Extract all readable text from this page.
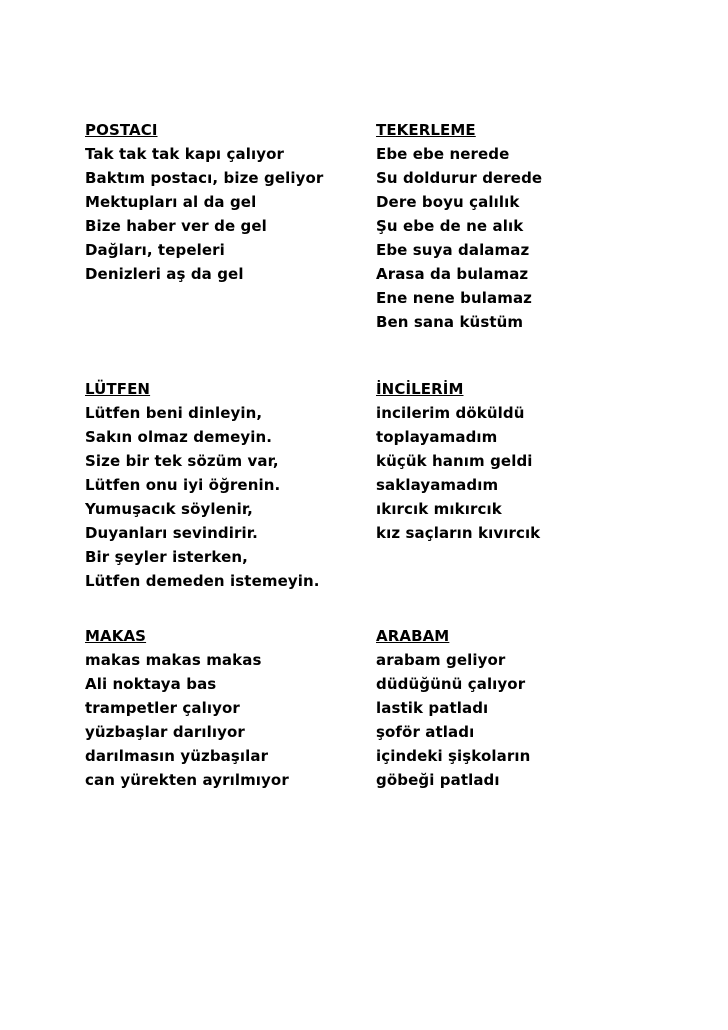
POSTACI
Tak tak tak kapı çalıyor
Baktım postacı, bize geliyor
Mektupları al da gel
Bize haber ver de gel
Dağları, tepeleri
Denizleri aş da gel
TEKERLEME
Ebe ebe nerede
Su doldurur derede
Dere boyu çalılık
Şu ebe de ne alık
Ebe suya dalamaz
Arasa da bulamaz
Ene nene bulamaz
Ben sana küstüm
LÜTFEN
Lütfen beni dinleyin,
Sakın olmaz demeyin.
Size bir tek sözüm var,
Lütfen onu iyi öğrenin.
Yumuşacık söylenir,
Duyanları sevindirir.
Bir şeyler isterken,
Lütfen demeden istemeyin.
İNCİLERİM
incilerim döküldü
toplayamadım
küçük hanım geldi
saklayamadım
ıkırcık mıkırcık
kız saçların kıvırcık
MAKAS
makas makas makas
Ali noktaya bas
trampetler çalıyor
yüzbaşlar darılıyor
darılmasın yüzbaşılar
can yürekten ayrılmıyor
ARABAM
arabam geliyor
düdüğünü çalıyor
lastik patladı
şoför atladı
içindeki şişkoların
göbeği patladı
